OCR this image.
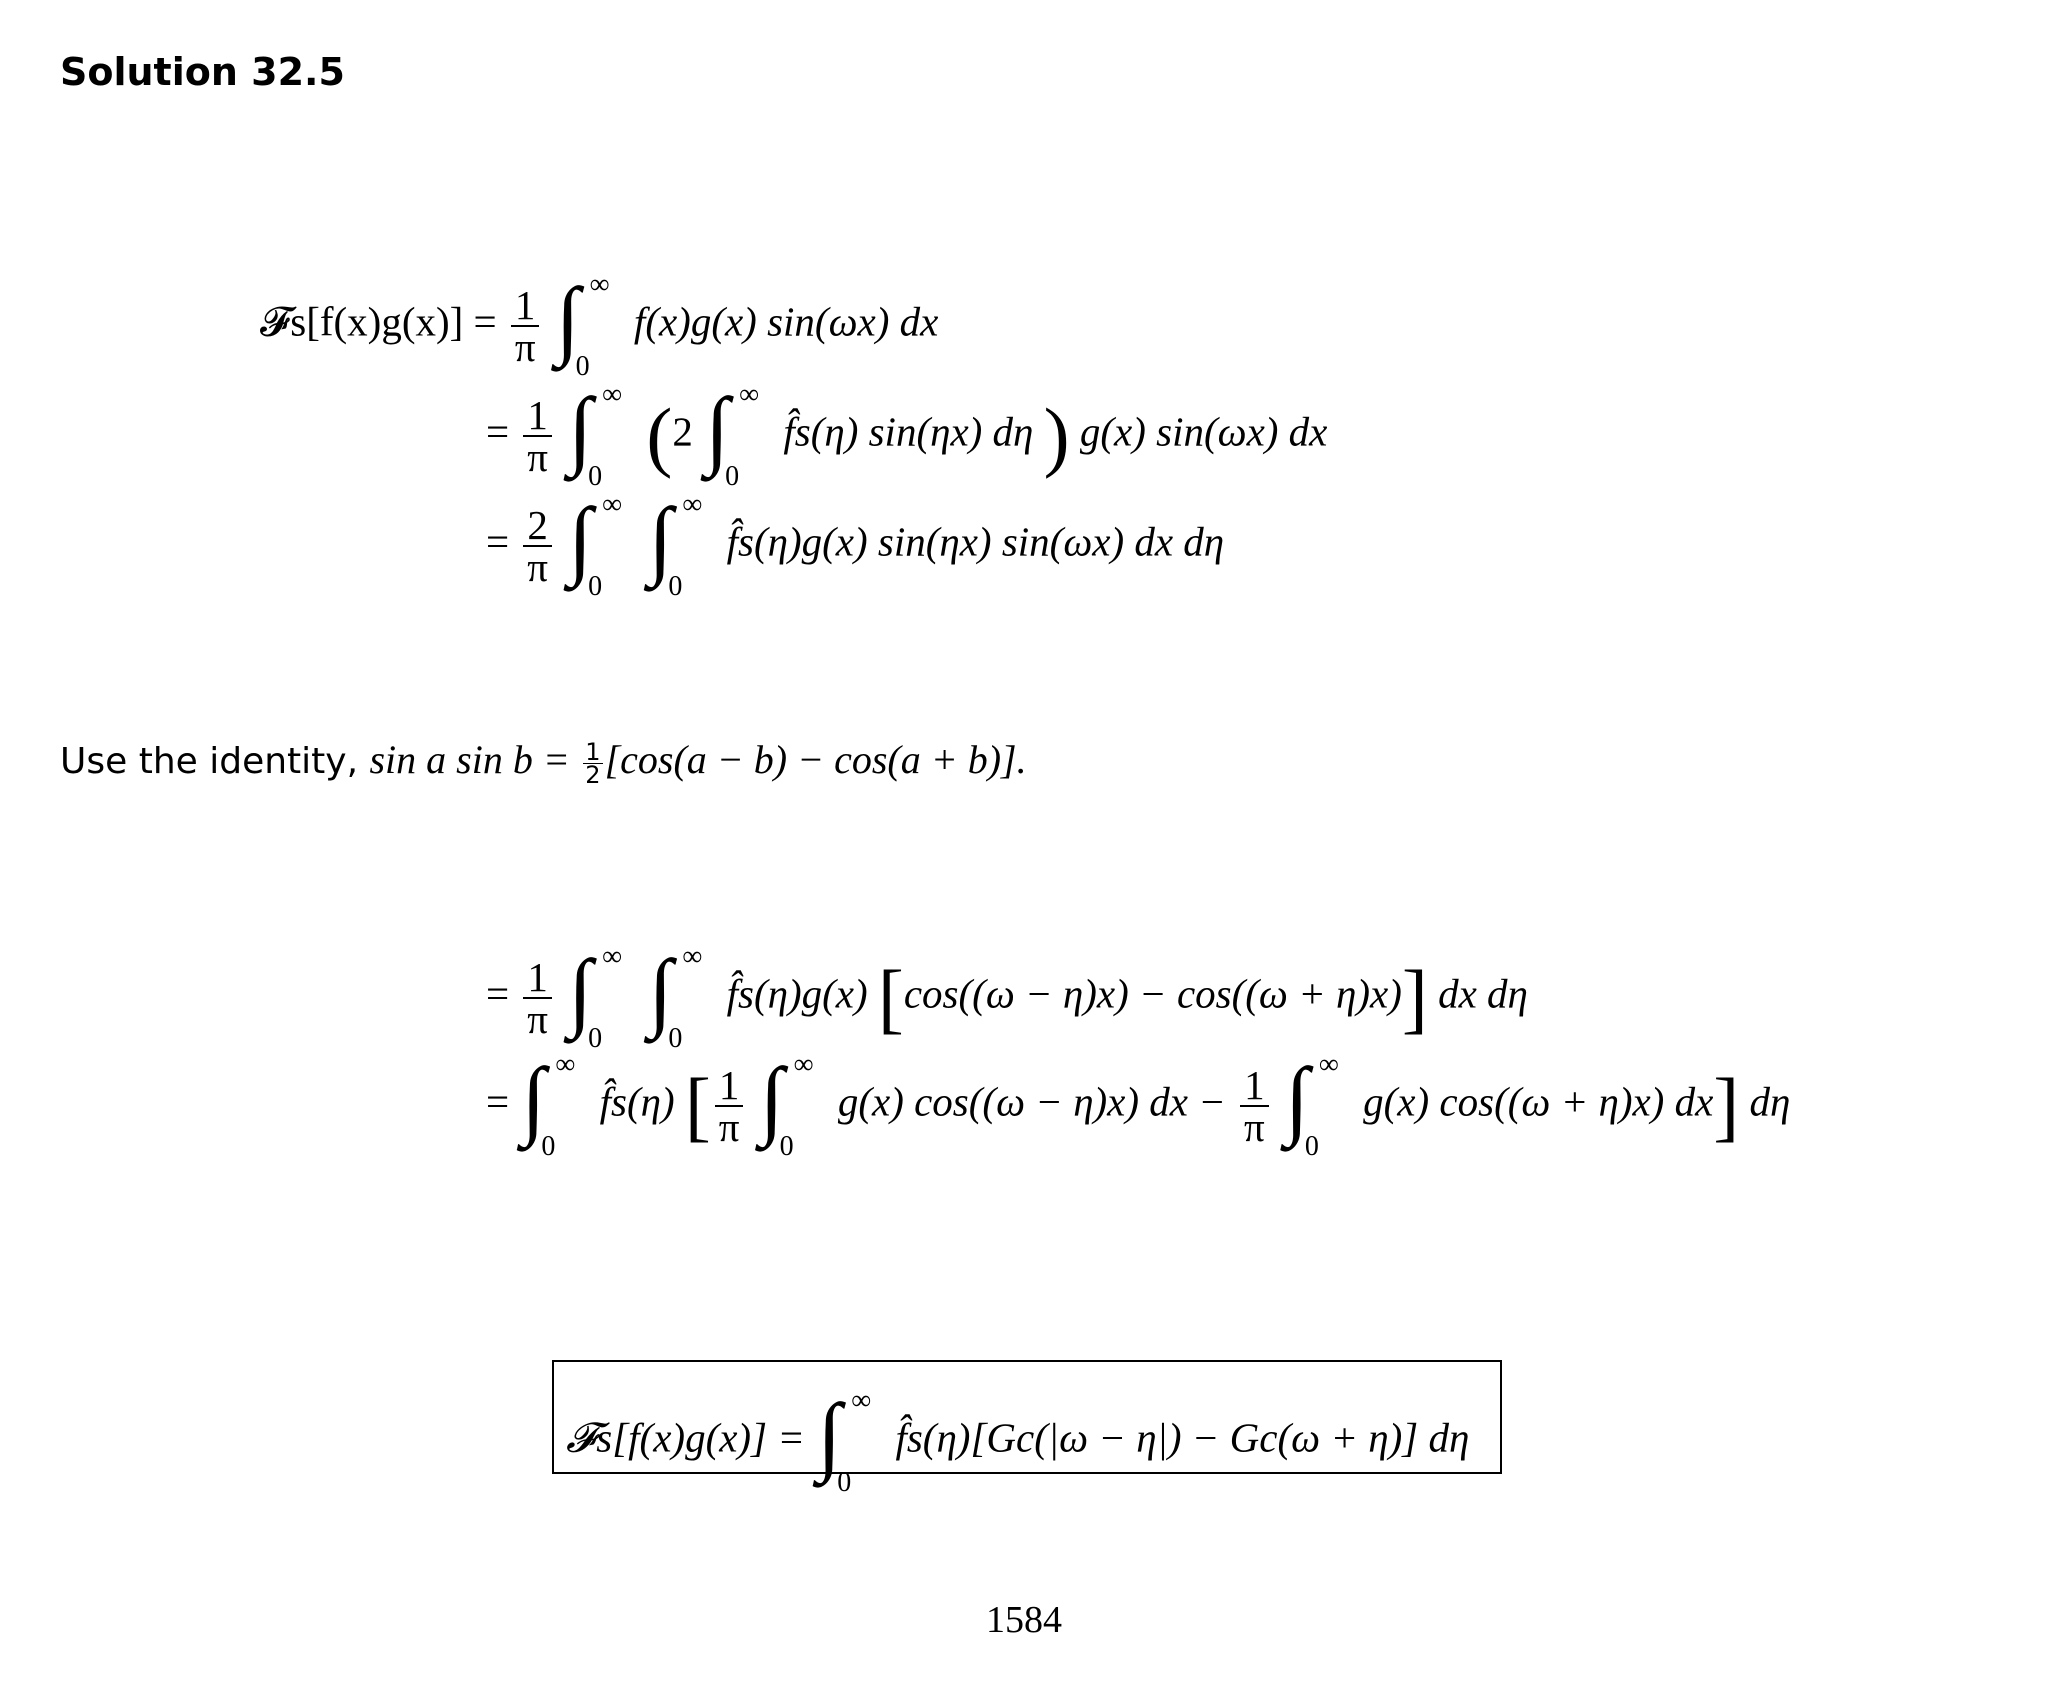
Solution 32.5
𝓕s[f(x)g(x)] = $\frac{1}{\pi}$
∫ ∞
0
f(x)g(x) sin(ωx) dx
= $\frac{1}{\pi}$
∫ ∞
0 (2 ∫ ∞
0
f̂s(η) sin(ηx) dη ) g(x) sin(ωx) dx
= $\frac{2}{\pi}$
∫ ∞
0
∫ ∞
0
f̂s(η)g(x) sin(ηx) sin(ωx) dx dη
Use the identity, sin a $\sin b = \frac{1}{2} [\cos(a - b) - \cos(a + b)]$.
= $\frac{1}{\pi}$
∫ ∞
0
∫ ∞
0
f̂s(η)g(x) [cos((ω − η)x) − cos((ω + η)x)] dx dη
= ∫ ∞
0
f̂s(η) [ $\frac{1}{\pi}$
∫ ∞
0
g(x) cos((ω − η)x) dx − $\frac{1}{\pi}$
∫ ∞
0
g(x) cos((ω + η)x) dx] dη
𝓕s[f(x)g(x)] = ∫ ∞
0
f̂s(η)[Gc(|ω − η|) − Gc(ω + η)] dη
1584
